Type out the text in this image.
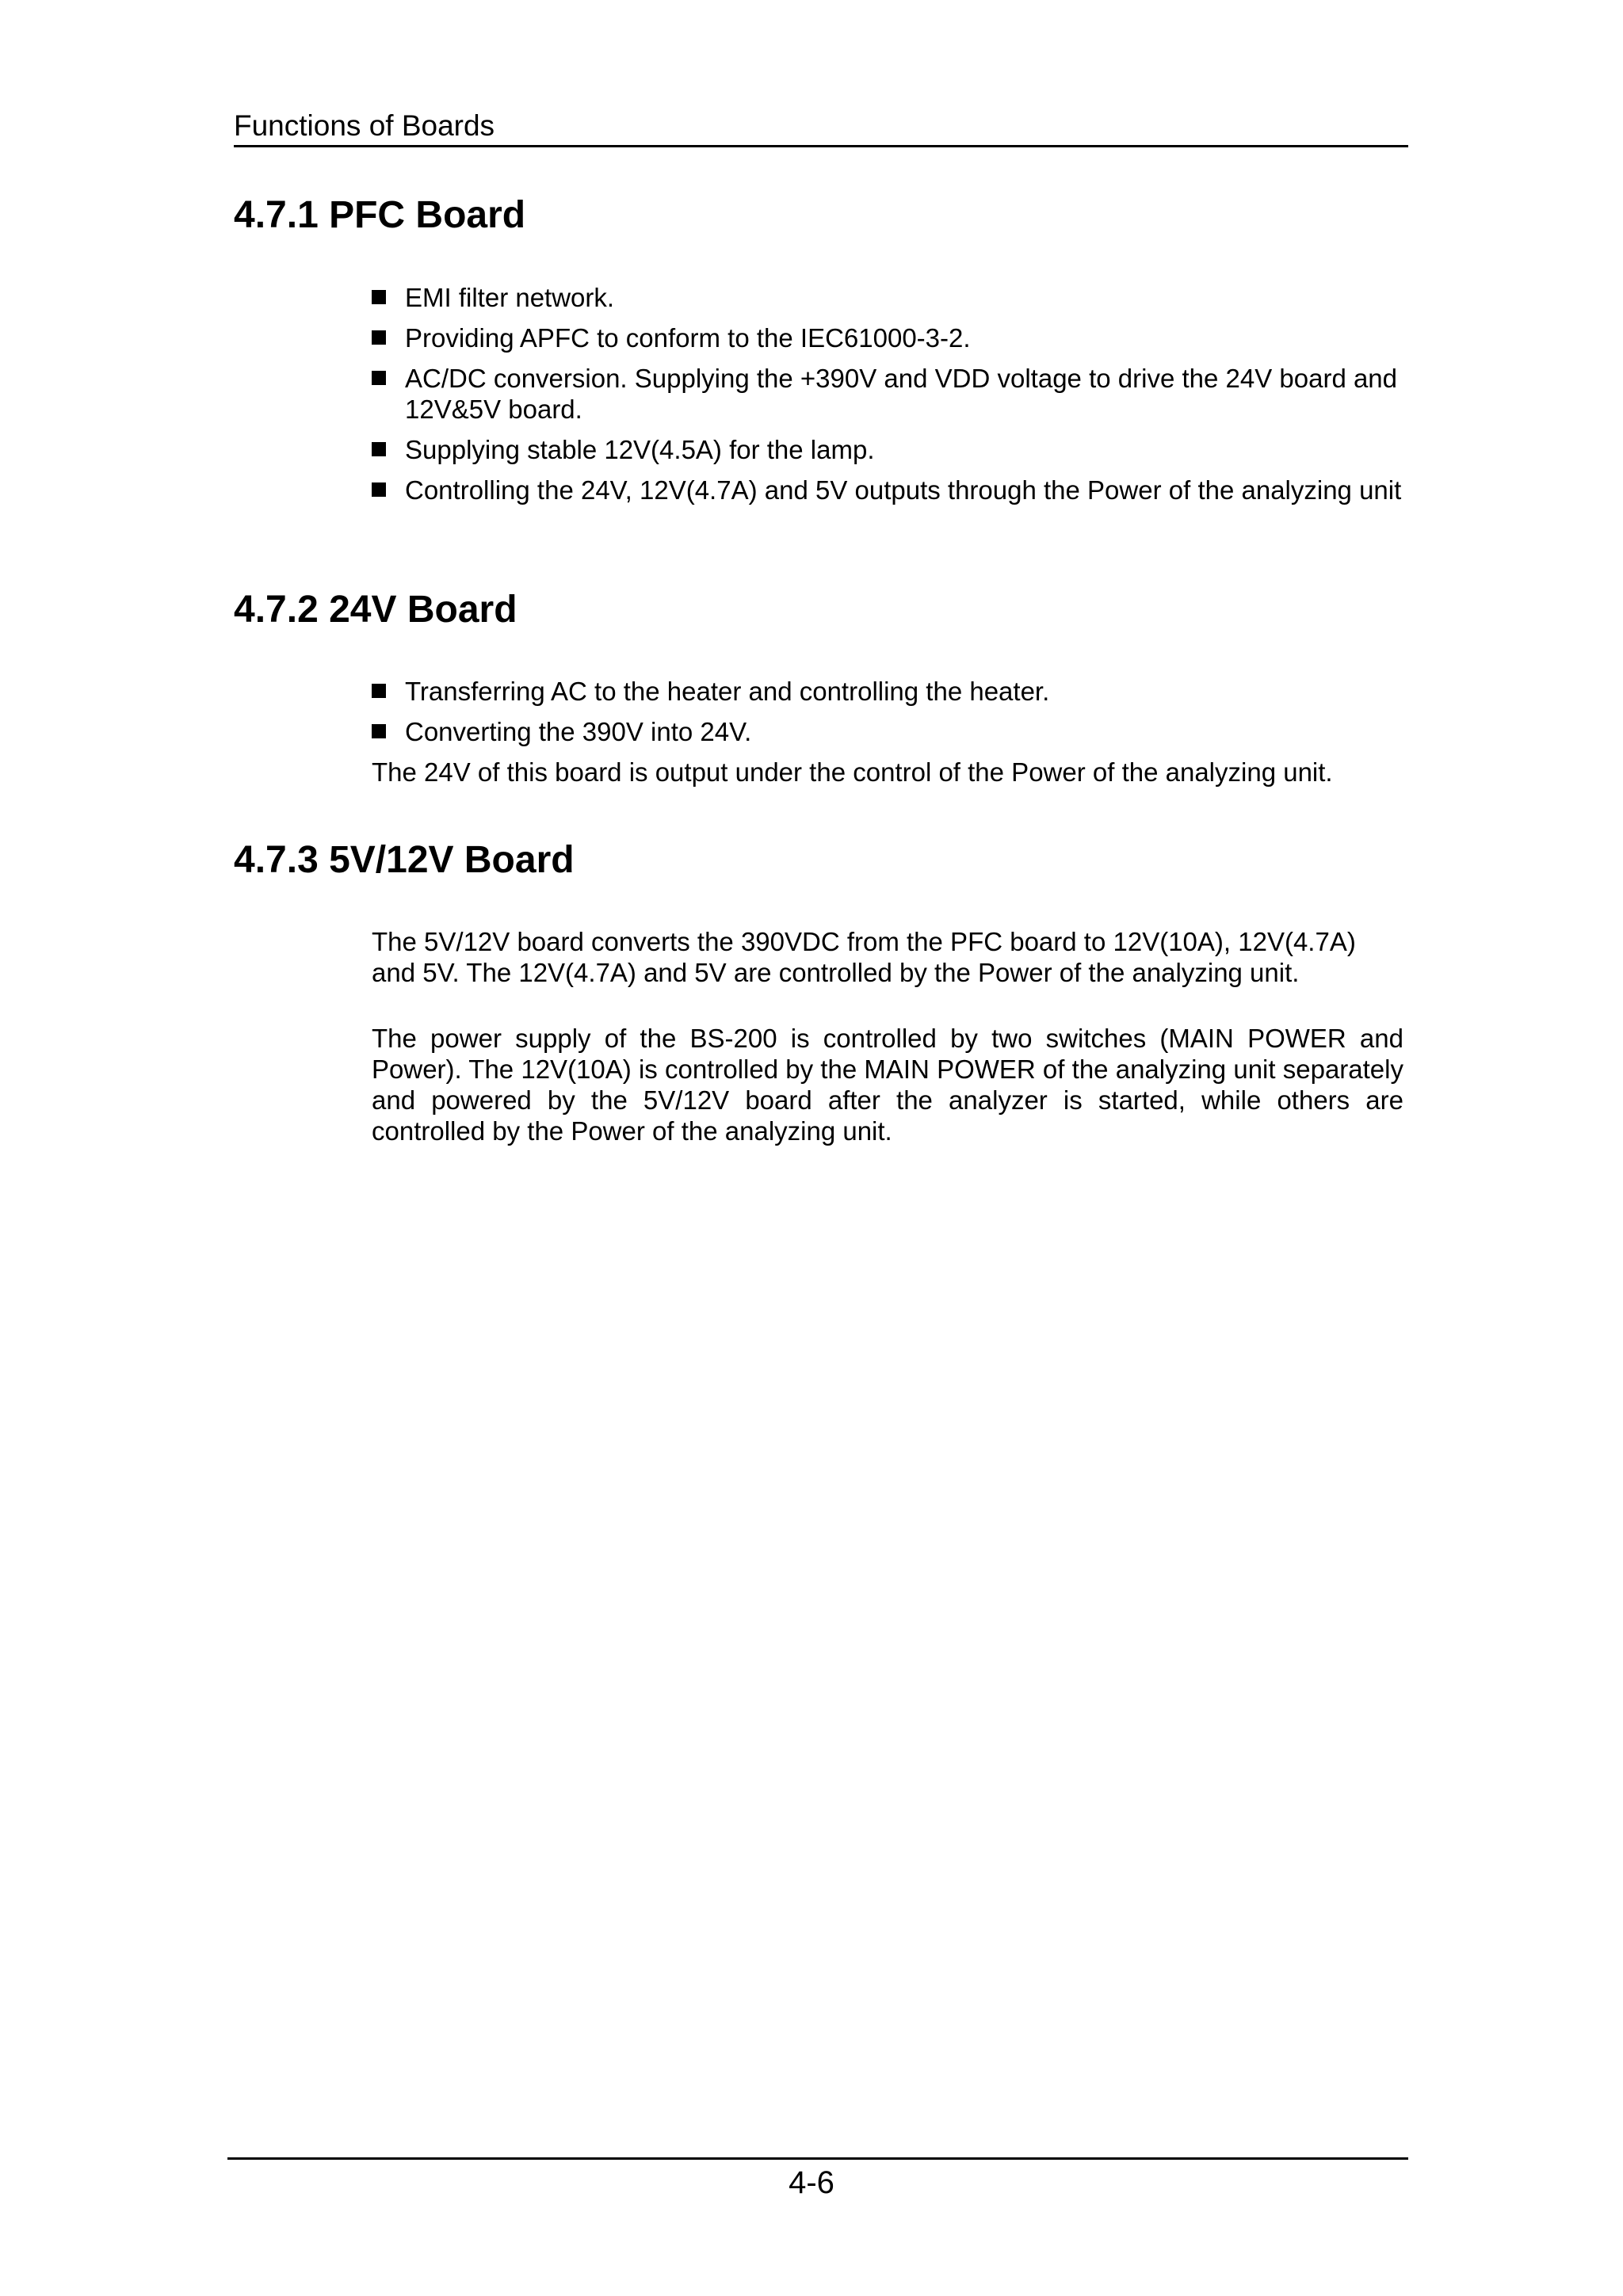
Functions of Boards
4.7.1 PFC Board
EMI filter network.
Providing APFC to conform to the IEC61000-3-2.
AC/DC conversion. Supplying the +390V and VDD voltage to drive the 24V board and 12V&5V board.
Supplying stable 12V(4.5A) for the lamp.
Controlling the 24V, 12V(4.7A) and 5V outputs through the Power of the analyzing unit
4.7.2 24V Board
Transferring AC to the heater and controlling the heater.
Converting the 390V into 24V.

The 24V of this board is output under the control of the Power of the analyzing unit.

4.7.3 5V/12V Board

The 5V/12V board converts the 390VDC from the PFC board to 12V(10A), 12V(4.7A) and 5V. The 12V(4.7A) and 5V are controlled by the Power of the analyzing unit.

The power supply of the BS-200 is controlled by two switches (MAIN POWER and Power). The 12V(10A) is controlled by the MAIN POWER of the analyzing unit separately and powered by the 5V/12V board after the analyzer is started, while others are controlled by the Power of the analyzing unit.

4-6
